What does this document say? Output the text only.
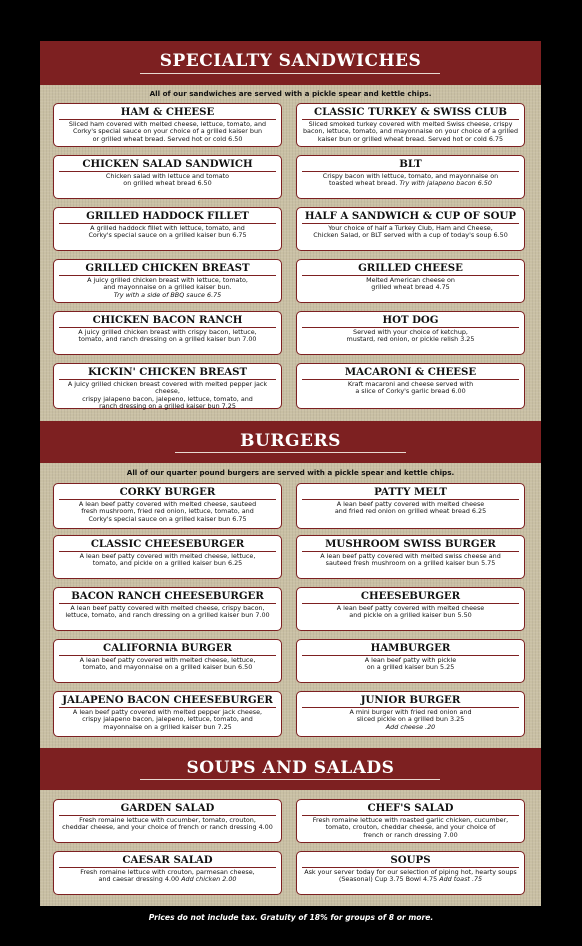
SPECIALTY SANDWICHES
All of our sandwiches are served with a pickle spear and kettle chips.
HAM & CHEESE
Sliced ham covered with melted cheese, lettuce, tomato, and
Corky's special sauce on your choice of a grilled kaiser bun
or grilled wheat bread. Served hot or cold 6.50
CLASSIC TURKEY & SWISS CLUB
Sliced smoked turkey covered with melted Swiss cheese, crispy
bacon, lettuce, tomato, and mayonnaise on your choice of a grilled
kaiser bun or grilled wheat bread. Served hot or cold 6.75
CHICKEN SALAD SANDWICH
Chicken salad with lettuce and tomato
on grilled wheat bread 6.50
BLT
Crispy bacon with lettuce, tomato, and mayonnaise on
toasted wheat bread. Try with jalapeno bacon 6.50
GRILLED HADDOCK FILLET
A grilled haddock fillet with lettuce, tomato, and
Corky's special sauce on a grilled kaiser bun 6.75
HALF A SANDWICH & CUP OF SOUP
Your choice of half a Turkey Club, Ham and Cheese,
Chicken Salad, or BLT served with a cup of today's soup 6.50
GRILLED CHICKEN BREAST
A juicy grilled chicken breast with lettuce, tomato,
and mayonnaise on a grilled kaiser bun.
Try with a side of BBQ sauce 6.75
GRILLED CHEESE
Melted American cheese on
grilled wheat bread 4.75
CHICKEN BACON RANCH
A juicy grilled chicken breast with crispy bacon, lettuce,
tomato, and ranch dressing on a grilled kaiser bun 7.00
HOT DOG
Served with your choice of ketchup,
mustard, red onion, or pickle relish 3.25
KICKIN' CHICKEN BREAST
A juicy grilled chicken breast covered with melted pepper jack cheese,
crispy jalapeno bacon, jalepeno, lettuce, tomato, and
ranch dressing on a grilled kaiser bun 7.25
MACARONI & CHEESE
Kraft macaroni and cheese served with
a slice of Corky's garlic bread 6.00
BURGERS
All of our quarter pound burgers are served with a pickle spear and kettle chips.
CORKY BURGER
A lean beef patty covered with melted cheese, sauteed
fresh mushroom, fried red onion, lettuce, tomato, and
Corky's special sauce on a grilled kaiser bun 6.75
PATTY MELT
A lean beef patty covered with melted cheese
and fried red onion on grilled wheat bread 6.25
CLASSIC CHEESEBURGER
A lean beef patty covered with melted cheese, lettuce,
tomato, and pickle on a grilled kaiser bun 6.25
MUSHROOM SWISS BURGER
A lean beef patty covered with melted swiss cheese and
sauteed fresh mushroom on a grilled kaiser bun 5.75
BACON RANCH CHEESEBURGER
A lean beef patty covered with melted cheese, crispy bacon,
lettuce, tomato, and ranch dressing on a grilled kaiser bun 7.00
CHEESEBURGER
A lean beef patty covered with melted cheese
and pickle on a grilled kaiser bun 5.50
CALIFORNIA BURGER
A lean beef patty covered with melted cheese, lettuce,
tomato, and mayonnaise on a grilled kaiser bun 6.50
HAMBURGER
A lean beef patty with pickle
on a grilled kaiser bun 5.25
JALAPENO BACON CHEESEBURGER
A lean beef patty covered with melted pepper jack cheese,
crispy jalapeno bacon, jalepeno, lettuce, tomato, and
mayonnaise on a grilled kaiser bun 7.25
JUNIOR BURGER
A mini burger with fried red onion and
sliced pickle on a grilled bun 3.25
Add cheese .20
SOUPS AND SALADS
GARDEN SALAD
Fresh romaine lettuce with cucumber, tomato, crouton,
cheddar cheese, and your choice of french or ranch dressing 4.00
CHEF'S SALAD
Fresh romaine lettuce with roasted garlic chicken, cucumber,
tomato, crouton, cheddar cheese, and your choice of
french or ranch dressing 7.00
CAESAR SALAD
Fresh romaine lettuce with crouton, parmesan cheese,
and caesar dressing 4.00 Add chicken 2.00
SOUPS
Ask your server today for our selection of piping hot, hearty soups
(Seasonal) Cup 3.75 Bowl 4.75 Add toast .75
Prices do not include tax. Gratuity of 18% for groups of 8 or more.
